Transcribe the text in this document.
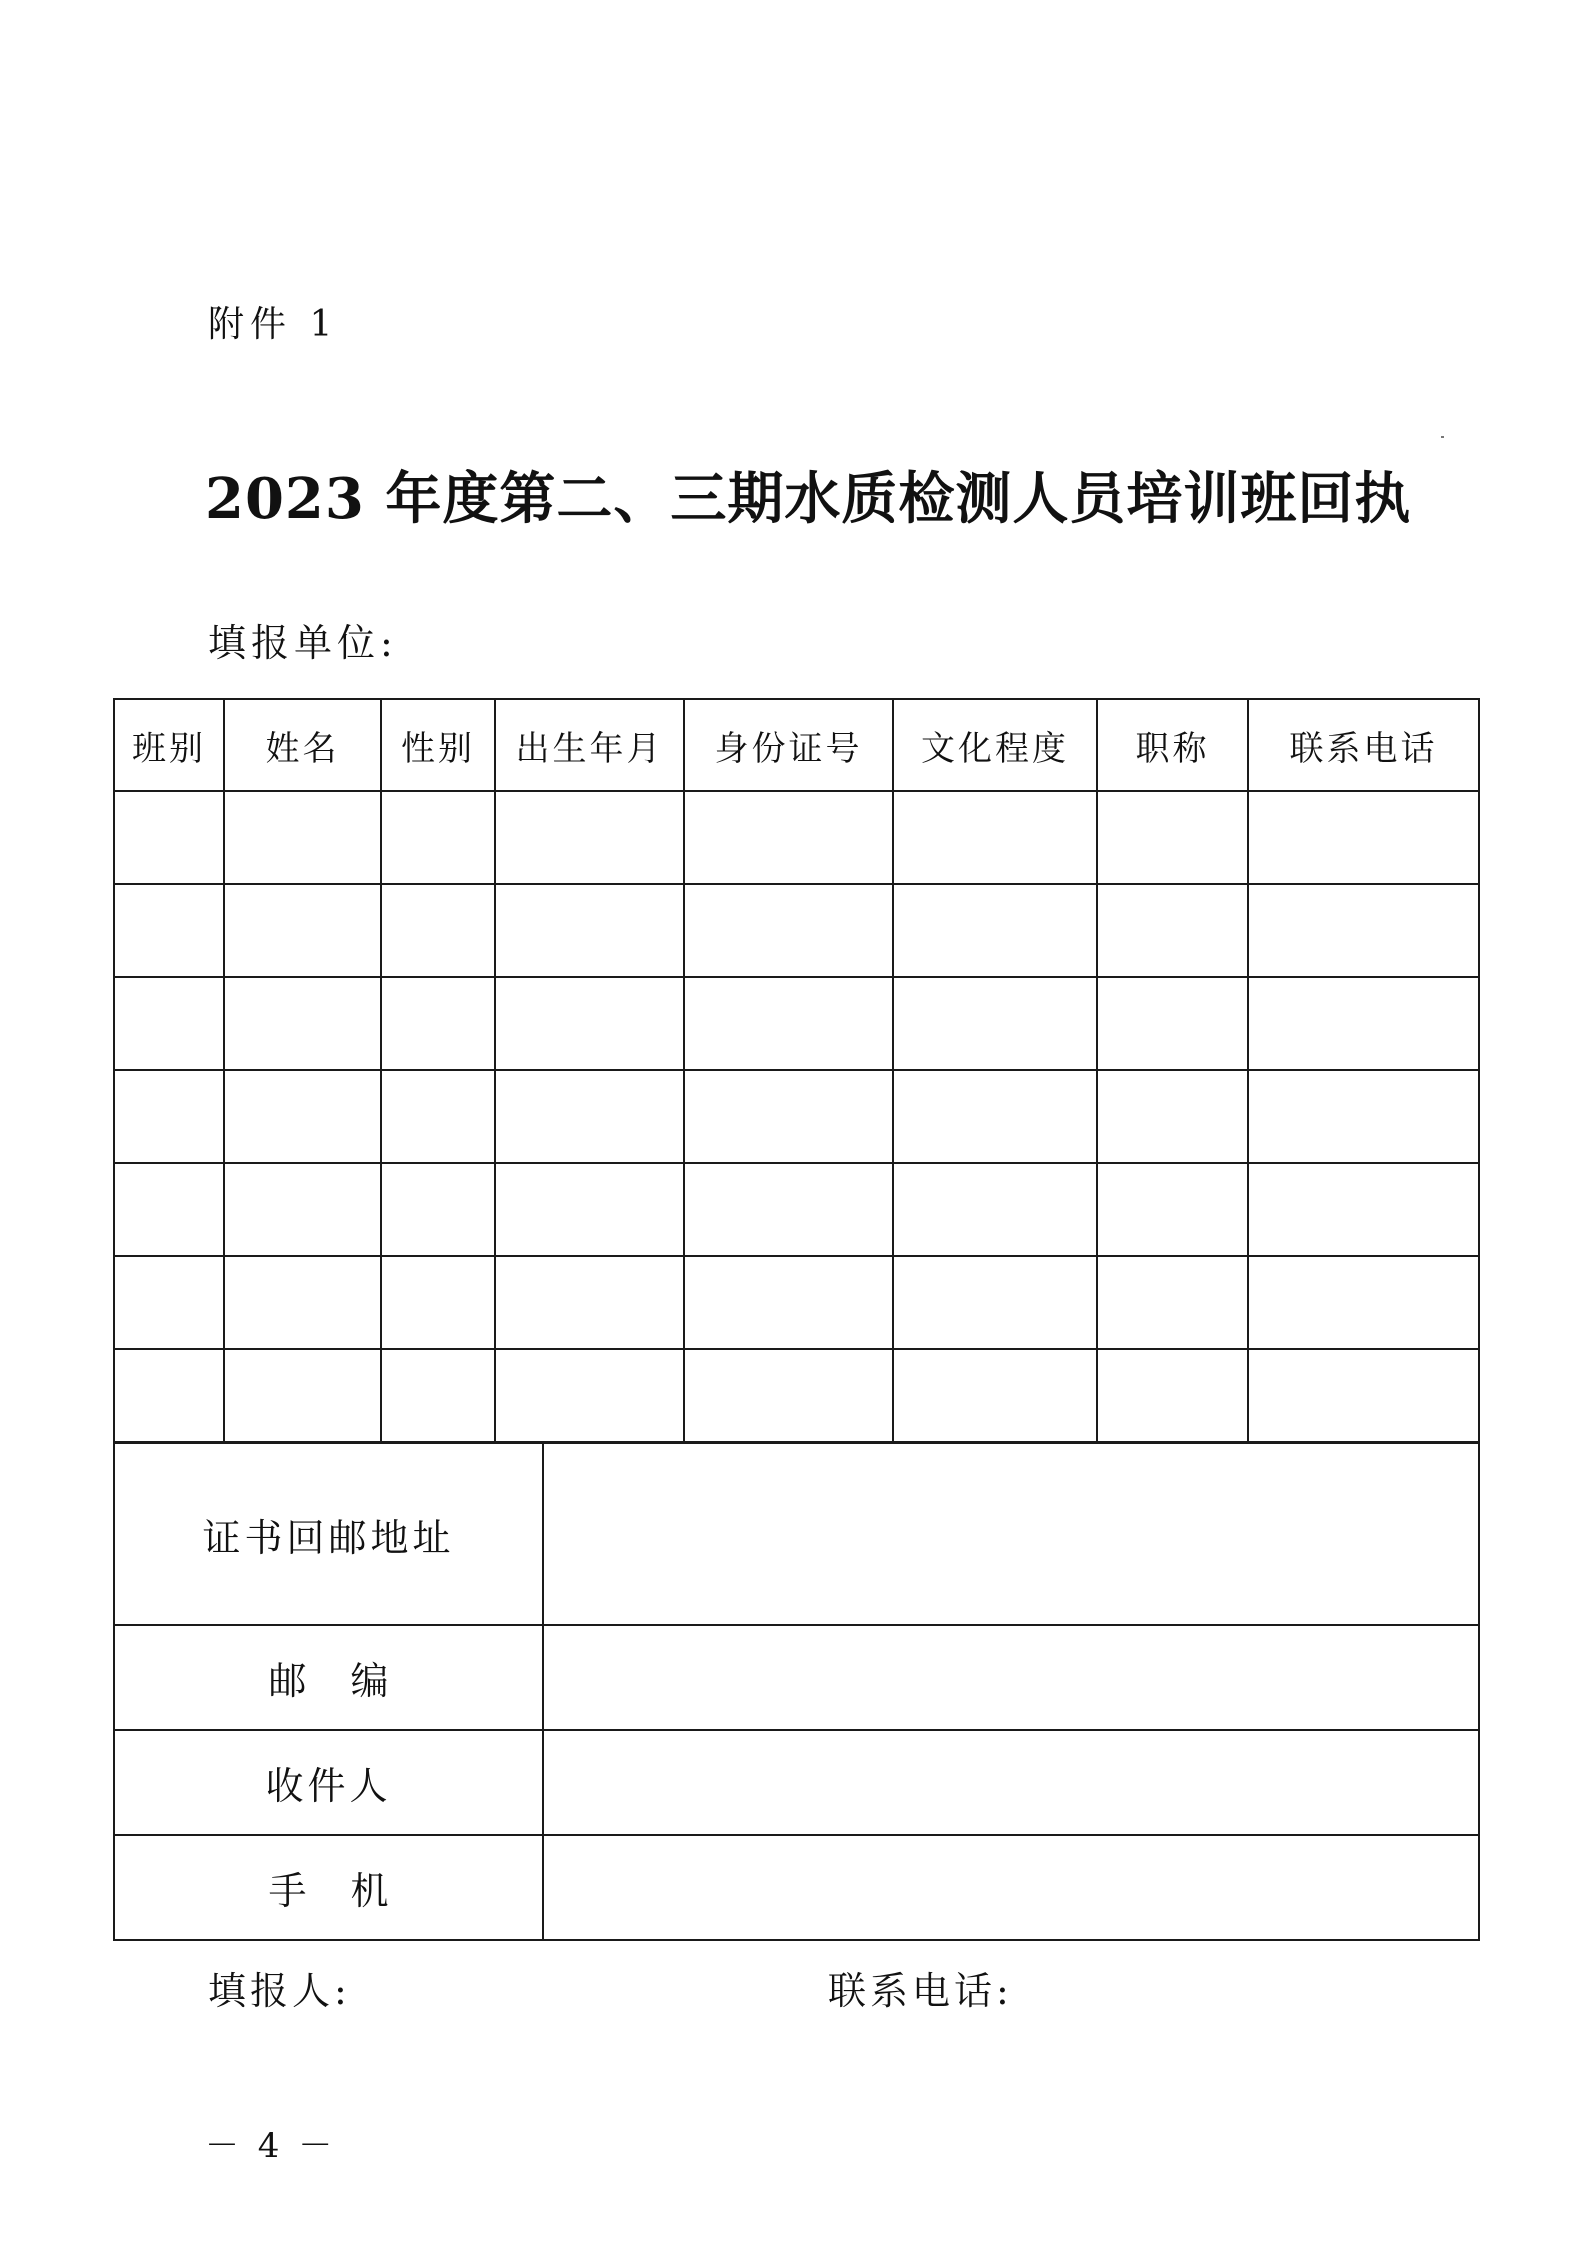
附件 1
2023 年度第二、三期水质检测人员培训班回执
填报单位:
班别	姓名	性别	出生年月	身份证号	文化程度	职称	联系电话

证书回邮地址	
邮编	
收件人	
手机	
填报人:	联系电话:
－ 4 －
